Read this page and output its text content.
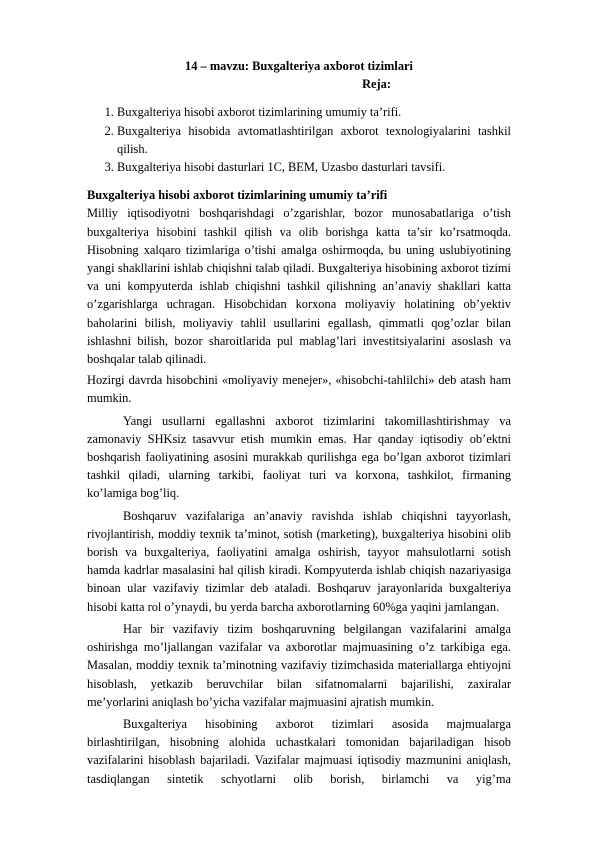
14 – mavzu: Buxgalteriya axborot tizimlari

Reja:

1. Buxgalteriya hisobi axborot tizimlarining umumiy ta’rifi.
2. Buxgalteriya hisobida avtomatlashtirilgan axborot texnologiyalarini tashkil qilish.
3. Buxgalteriya hisobi dasturlari 1C, BEM, Uzasbo dasturlari tavsifi.

Buxgalteriya hisobi axborot tizimlarining umumiy ta’rifi

Milliy iqtisodiyotni boshqarishdagi o’zgarishlar, bozor munosabatlariga o’tish buxgalteriya hisobini tashkil qilish va olib borishga katta ta’sir ko’rsatmoqda. Hisobning xalqaro tizimlariga o’tishi amalga oshirmoqda, bu uning uslubiyotining yangi shakllarini ishlab chiqishni talab qiladi. Buxgalteriya hisobining axborot tizimi va uni kompyuterda ishlab chiqishni tashkil qilishning an’anaviy shakllari katta o’zgarishlarga uchragan. Hisobchidan korxona moliyaviy holatining ob’yektiv baholarini bilish, moliyaviy tahlil usullarini egallash, qimmatli qog’ozlar bilan ishlashni bilish, bozor sharoitlarida pul mablag’lari investitsiyalarini asoslash va boshqalar talab qilinadi.

Hozirgi davrda hisobchini «moliyaviy menejer», «hisobchi-tahlilchi» deb atash ham mumkin.

Yangi usullarni egallashni axborot tizimlarini takomillashtirishmay va zamonaviy SHKsiz tasavvur etish mumkin emas. Har qanday iqtisodiy ob’ektni boshqarish faoliyatining asosini murakkab qurilishga ega bo’lgan axborot tizimlari tashkil qiladi, ularning tarkibi, faoliyat turi va korxona, tashkilot, firmaning ko’lamiga bog’liq.

Boshqaruv vazifalariga an’anaviy ravishda ishlab chiqishni tayyorlash, rivojlantirish, moddiy texnik ta’minot, sotish (marketing), buxgalteriya hisobini olib borish va buxgalteriya, faoliyatini amalga oshirish, tayyor mahsulotlarni sotish hamda kadrlar masalasini hal qilish kiradi. Kompyuterda ishlab chiqish nazariyasiga binoan ular vazifaviy tizimlar deb ataladi. Boshqaruv jarayonlarida buxgalteriya hisobi katta rol o’ynaydi, bu yerda barcha axborotlarning 60%ga yaqini jamlangan.

Har bir vazifaviy tizim boshqaruvning belgilangan vazifalarini amalga oshirishga mo’ljallangan vazifalar va axborotlar majmuasining o’z tarkibiga ega. Masalan, moddiy texnik ta’minotning vazifaviy tizimchasida materiallarga ehtiyojni hisoblash, yetkazib beruvchilar bilan sifatnomalarni bajarilishi, zaxiralar me’yorlarini aniqlash bo’yicha vazifalar majmuasini ajratish mumkin.

Buxgalteriya hisobining axborot tizimlari asosida majmualarga birlashtirilgan, hisobning alohida uchastkalari tomonidan bajariladigan hisob vazifalarini hisoblash bajariladi. Vazifalar majmuasi iqtisodiy mazmunini aniqlash, tasdiqlangan sintetik schyotlarni olib borish, birlamchi va yig’ma
